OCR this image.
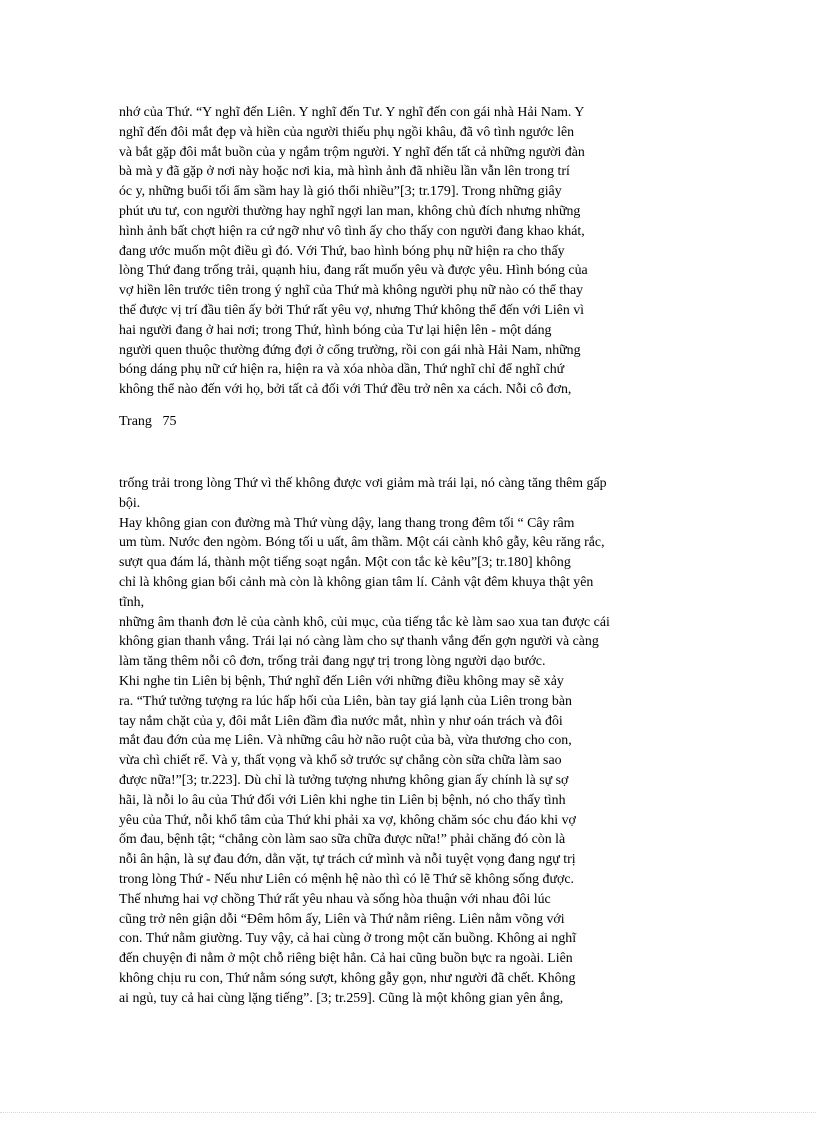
nhớ của Thứ. “Y nghĩ đến Liên. Y nghĩ đến Tư. Y nghĩ đến con gái nhà Hải Nam. Y
nghĩ đến đôi mắt đẹp và hiền của người thiếu phụ ngồi khâu, đã vô tình ngước lên
và bắt gặp đôi mắt buồn của y ngắm trộm người. Y nghĩ đến tất cả những người đàn
bà mà y đã gặp ở nơi này hoặc nơi kia, mà hình ảnh đã nhiều lần vẫn lên trong trí
óc y, những buổi tối ẩm sầm hay là gió thổi nhiều”[3; tr.179]. Trong những giây
phút ưu tư, con người thường hay nghĩ ngợi lan man, không chủ đích nhưng những
hình ảnh bất chợt hiện ra cứ ngỡ như vô tình ấy cho thấy con người đang khao khát,
đang ước muốn một điều gì đó. Với Thứ, bao hình bóng phụ nữ hiện ra cho thấy
lòng Thứ đang trống trải, quạnh hiu, đang rất muốn yêu và được yêu. Hình bóng của
vợ hiền lên trước tiên trong ý nghĩ của Thứ mà không người phụ nữ nào có thể thay
thế được vị trí đầu tiên ấy bởi Thứ rất yêu vợ, nhưng Thứ không thể đến với Liên vì
hai người đang ở hai nơi; trong Thứ, hình bóng của Tư lại hiện lên - một dáng
người quen thuộc thường đứng đợi ở cổng trường, rồi con gái nhà Hải Nam, những
bóng dáng phụ nữ cứ hiện ra, hiện ra và xóa nhòa dần, Thứ nghĩ chỉ để nghĩ chứ
không thể nào đến với họ, bởi tất cả đối với Thứ đều trở nên xa cách. Nỗi cô đơn,
Trang 75
trống trải trong lòng Thứ vì thế không được vơi giảm mà trái lại, nó càng tăng thêm gấp
bội.
Hay không gian con đường mà Thứ vùng dậy, lang thang trong đêm tối “ Cây râm
um tùm. Nước đen ngòm. Bóng tối u uất, âm thầm. Một cái cành khô gẫy, kêu răng rắc,
sượt qua đám lá, thành một tiếng soạt ngắn. Một con tắc kè kêu”[3; tr.180] không
chỉ là không gian bối cảnh mà còn là không gian tâm lí. Cảnh vật đêm khuya thật yên
tĩnh,
những âm thanh đơn lẻ của cành khô, củi mục, của tiếng tắc kè làm sao xua tan được cái
không gian thanh vắng. Trái lại nó càng làm cho sự thanh vắng đến gợn người và càng
làm tăng thêm nỗi cô đơn, trống trải đang ngự trị trong lòng người dạo bước.
Khi nghe tin Liên bị bệnh, Thứ nghĩ đến Liên với những điều không may sẽ xảy
ra. “Thứ tưởng tượng ra lúc hấp hối của Liên, bàn tay giá lạnh của Liên trong bàn
tay nắm chặt của y, đôi mắt Liên đầm đìa nước mắt, nhìn y như oán trách và đôi
mắt đau đớn của mẹ Liên. Và những câu hờ não ruột của bà, vừa thương cho con,
vừa chì chiết rể. Và y, thất vọng và khổ sở trước sự chẳng còn sữa chữa làm sao
được nữa!”[3; tr.223]. Dù chỉ là tưởng tượng nhưng không gian ấy chính là sự sợ
hãi, là nỗi lo âu của Thứ đối với Liên khi nghe tin Liên bị bệnh, nó cho thấy tình
yêu của Thứ, nỗi khổ tâm của Thứ khi phải xa vợ, không chăm sóc chu đáo khi vợ
ốm đau, bệnh tật; “chẳng còn làm sao sữa chữa được nữa!” phải chăng đó còn là
nỗi ân hận, là sự đau đớn, dằn vặt, tự trách cứ mình và nỗi tuyệt vọng đang ngự trị
trong lòng Thứ - Nếu như Liên có mệnh hệ nào thì có lẽ Thứ sẽ không sống được.
Thế nhưng hai vợ chồng Thứ rất yêu nhau và sống hòa thuận với nhau đôi lúc
cũng trở nên giận dỗi “Đêm hôm ấy, Liên và Thứ nằm riêng. Liên nằm võng với
con. Thứ nằm giường. Tuy vậy, cả hai cùng ở trong một căn buồng. Không ai nghĩ
đến chuyện đi nằm ở một chỗ riêng biệt hẳn. Cả hai cũng buồn bực ra ngoài. Liên
không chịu ru con, Thứ nằm sóng sượt, không gẫy gọn, như người đã chết. Không
ai ngủ, tuy cả hai cùng lặng tiếng”. [3; tr.259]. Cũng là một không gian yên ắng,
